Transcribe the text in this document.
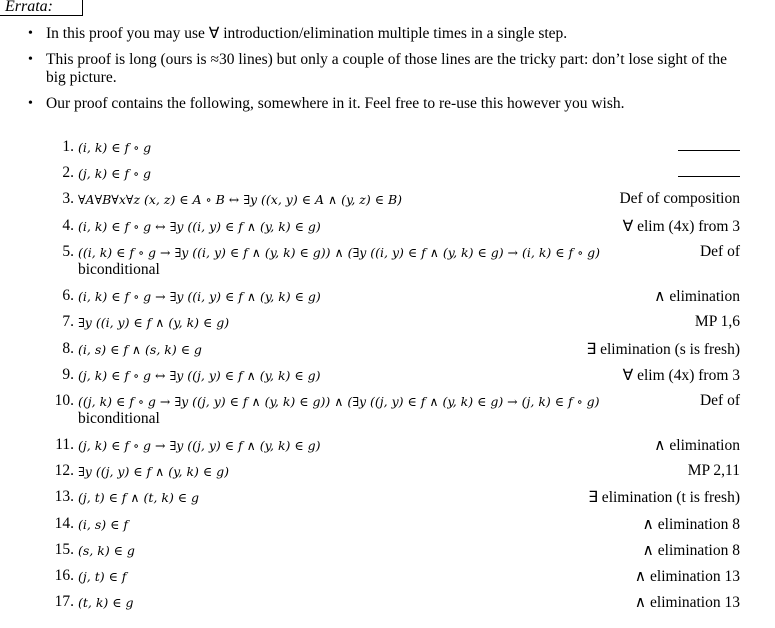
Errata:
• In this proof you may use ∀ introduction/elimination multiple times in a single step.
• This proof is long (ours is ≈30 lines) but only a couple of those lines are the tricky part: don’t lose sight of the big picture.
• Our proof contains the following, somewhere in it. Feel free to re-use this however you wish.
1. (i, k) ∈ f ∘ g
2. (j, k) ∈ f ∘ g
3. ∀A∀B∀x∀z (x, z) ∈ A ∘ B ↔ ∃y ((x, y) ∈ A ∧ (y, z) ∈ B)	Def of composition
4. (i, k) ∈ f ∘ g ↔ ∃y ((i, y) ∈ f ∧ (y, k) ∈ g)	∀ elim (4x) from 3
5. ((i, k) ∈ f ∘ g → ∃y ((i, y) ∈ f ∧ (y, k) ∈ g)) ∧ (∃y ((i, y) ∈ f ∧ (y, k) ∈ g) → (i, k) ∈ f ∘ g)	Def of
biconditional
6. (i, k) ∈ f ∘ g → ∃y ((i, y) ∈ f ∧ (y, k) ∈ g)	∧ elimination
7. ∃y ((i, y) ∈ f ∧ (y, k) ∈ g)	MP 1,6
8. (i, s) ∈ f ∧ (s, k) ∈ g	∃ elimination (s is fresh)
9. (j, k) ∈ f ∘ g ↔ ∃y ((j, y) ∈ f ∧ (y, k) ∈ g)	∀ elim (4x) from 3
10. ((j, k) ∈ f ∘ g → ∃y ((j, y) ∈ f ∧ (y, k) ∈ g)) ∧ (∃y ((j, y) ∈ f ∧ (y, k) ∈ g) → (j, k) ∈ f ∘ g)	Def of
biconditional
11. (j, k) ∈ f ∘ g → ∃y ((j, y) ∈ f ∧ (y, k) ∈ g)	∧ elimination
12. ∃y ((j, y) ∈ f ∧ (y, k) ∈ g)	MP 2,11
13. (j, t) ∈ f ∧ (t, k) ∈ g	∃ elimination (t is fresh)
14. (i, s) ∈ f	∧ elimination 8
15. (s, k) ∈ g	∧ elimination 8
16. (j, t) ∈ f	∧ elimination 13
17. (t, k) ∈ g	∧ elimination 13
